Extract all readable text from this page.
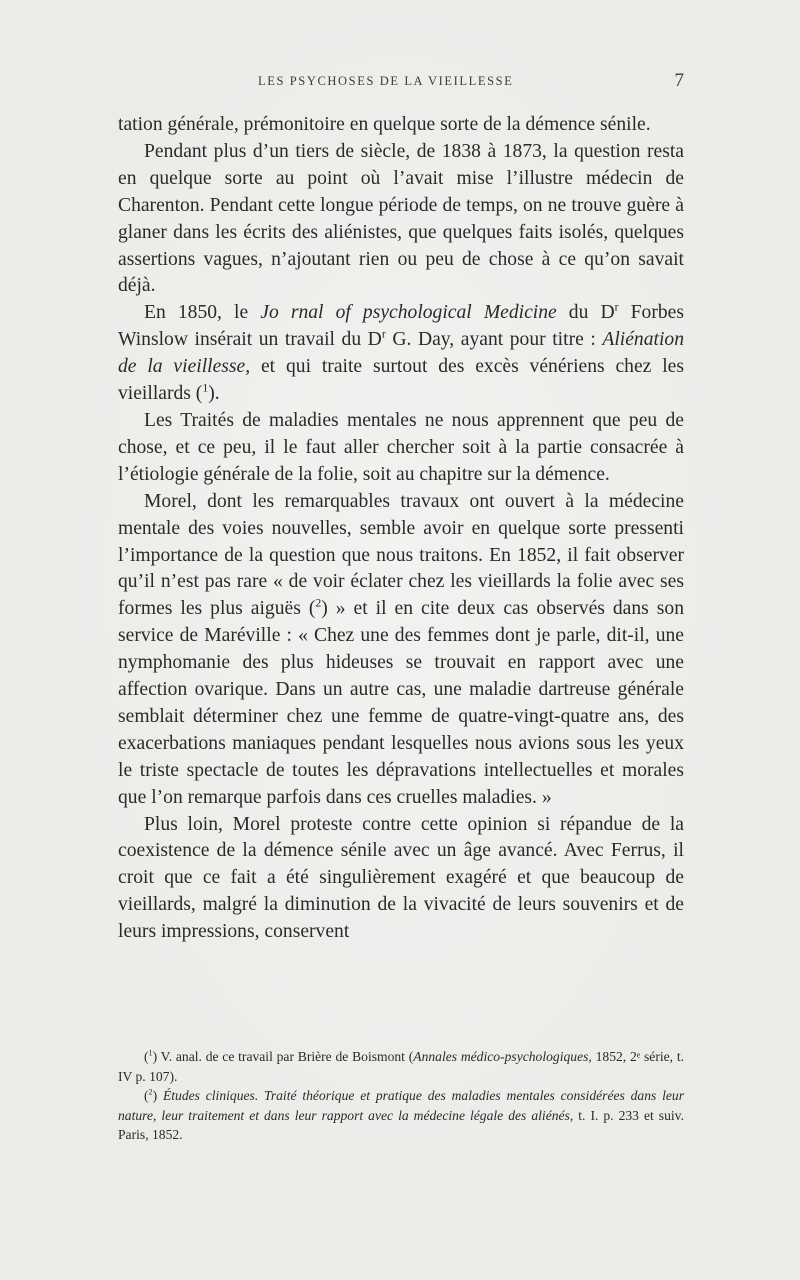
LES PSYCHOSES DE LA VIEILLESSE	7

tation générale, prémonitoire en quelque sorte de la démence sénile.

Pendant plus d’un tiers de siècle, de 1838 à 1873, la question resta en quelque sorte au point où l’avait mise l’illustre médecin de Charenton. Pendant cette longue période de temps, on ne trouve guère à glaner dans les écrits des aliénistes, que quelques faits isolés, quelques assertions vagues, n’ajoutant rien ou peu de chose à ce qu’on savait déjà.

En 1850, le Jo rnal of psychological Medicine du $D^r$ Forbes Winslow insérait un travail du $D^r$ G. Day, ayant pour titre : Aliénation de la vieillesse, et qui traite surtout des excès vénériens chez les vieillards ($^1$).

Les Traités de maladies mentales ne nous apprennent que peu de chose, et ce peu, il le faut aller chercher soit à la partie consacrée à l’étiologie générale de la folie, soit au chapitre sur la démence.

Morel, dont les remarquables travaux ont ouvert à la médecine mentale des voies nouvelles, semble avoir en quelque sorte pressenti l’importance de la question que nous traitons. En 1852, il fait observer qu’il n’est pas rare « de voir éclater chez les vieillards la folie avec ses formes les plus aiguës ($^2$) » et il en cite deux cas observés dans son service de Maréville : « Chez une des femmes dont je parle, dit-il, une nymphomanie des plus hideuses se trouvait en rapport avec une affection ovarique. Dans un autre cas, une maladie dartreuse générale semblait déterminer chez une femme de quatre-vingt-quatre ans, des exacerbations maniaques pendant lesquelles nous avions sous les yeux le triste spectacle de toutes les dépravations intellectuelles et morales que l’on remarque parfois dans ces cruelles maladies. »

Plus loin, Morel proteste contre cette opinion si répandue de la coexistence de la démence sénile avec un âge avancé. Avec Ferrus, il croit que ce fait a été singulièrement exagéré et que beaucoup de vieillards, malgré la diminution de la vivacité de leurs souvenirs et de leurs impressions, conservent

($^1$) V. anal. de ce travail par Brière de Boismont (Annales médico-psychologiques, 1852, 2ᵉ série, t. IV p. 107).

($^2$) Études cliniques. Traité théorique et pratique des maladies mentales considérées dans leur nature, leur traitement et dans leur rapport avec la médecine légale des aliénés, t. I. p. 233 et suiv. Paris, 1852.
